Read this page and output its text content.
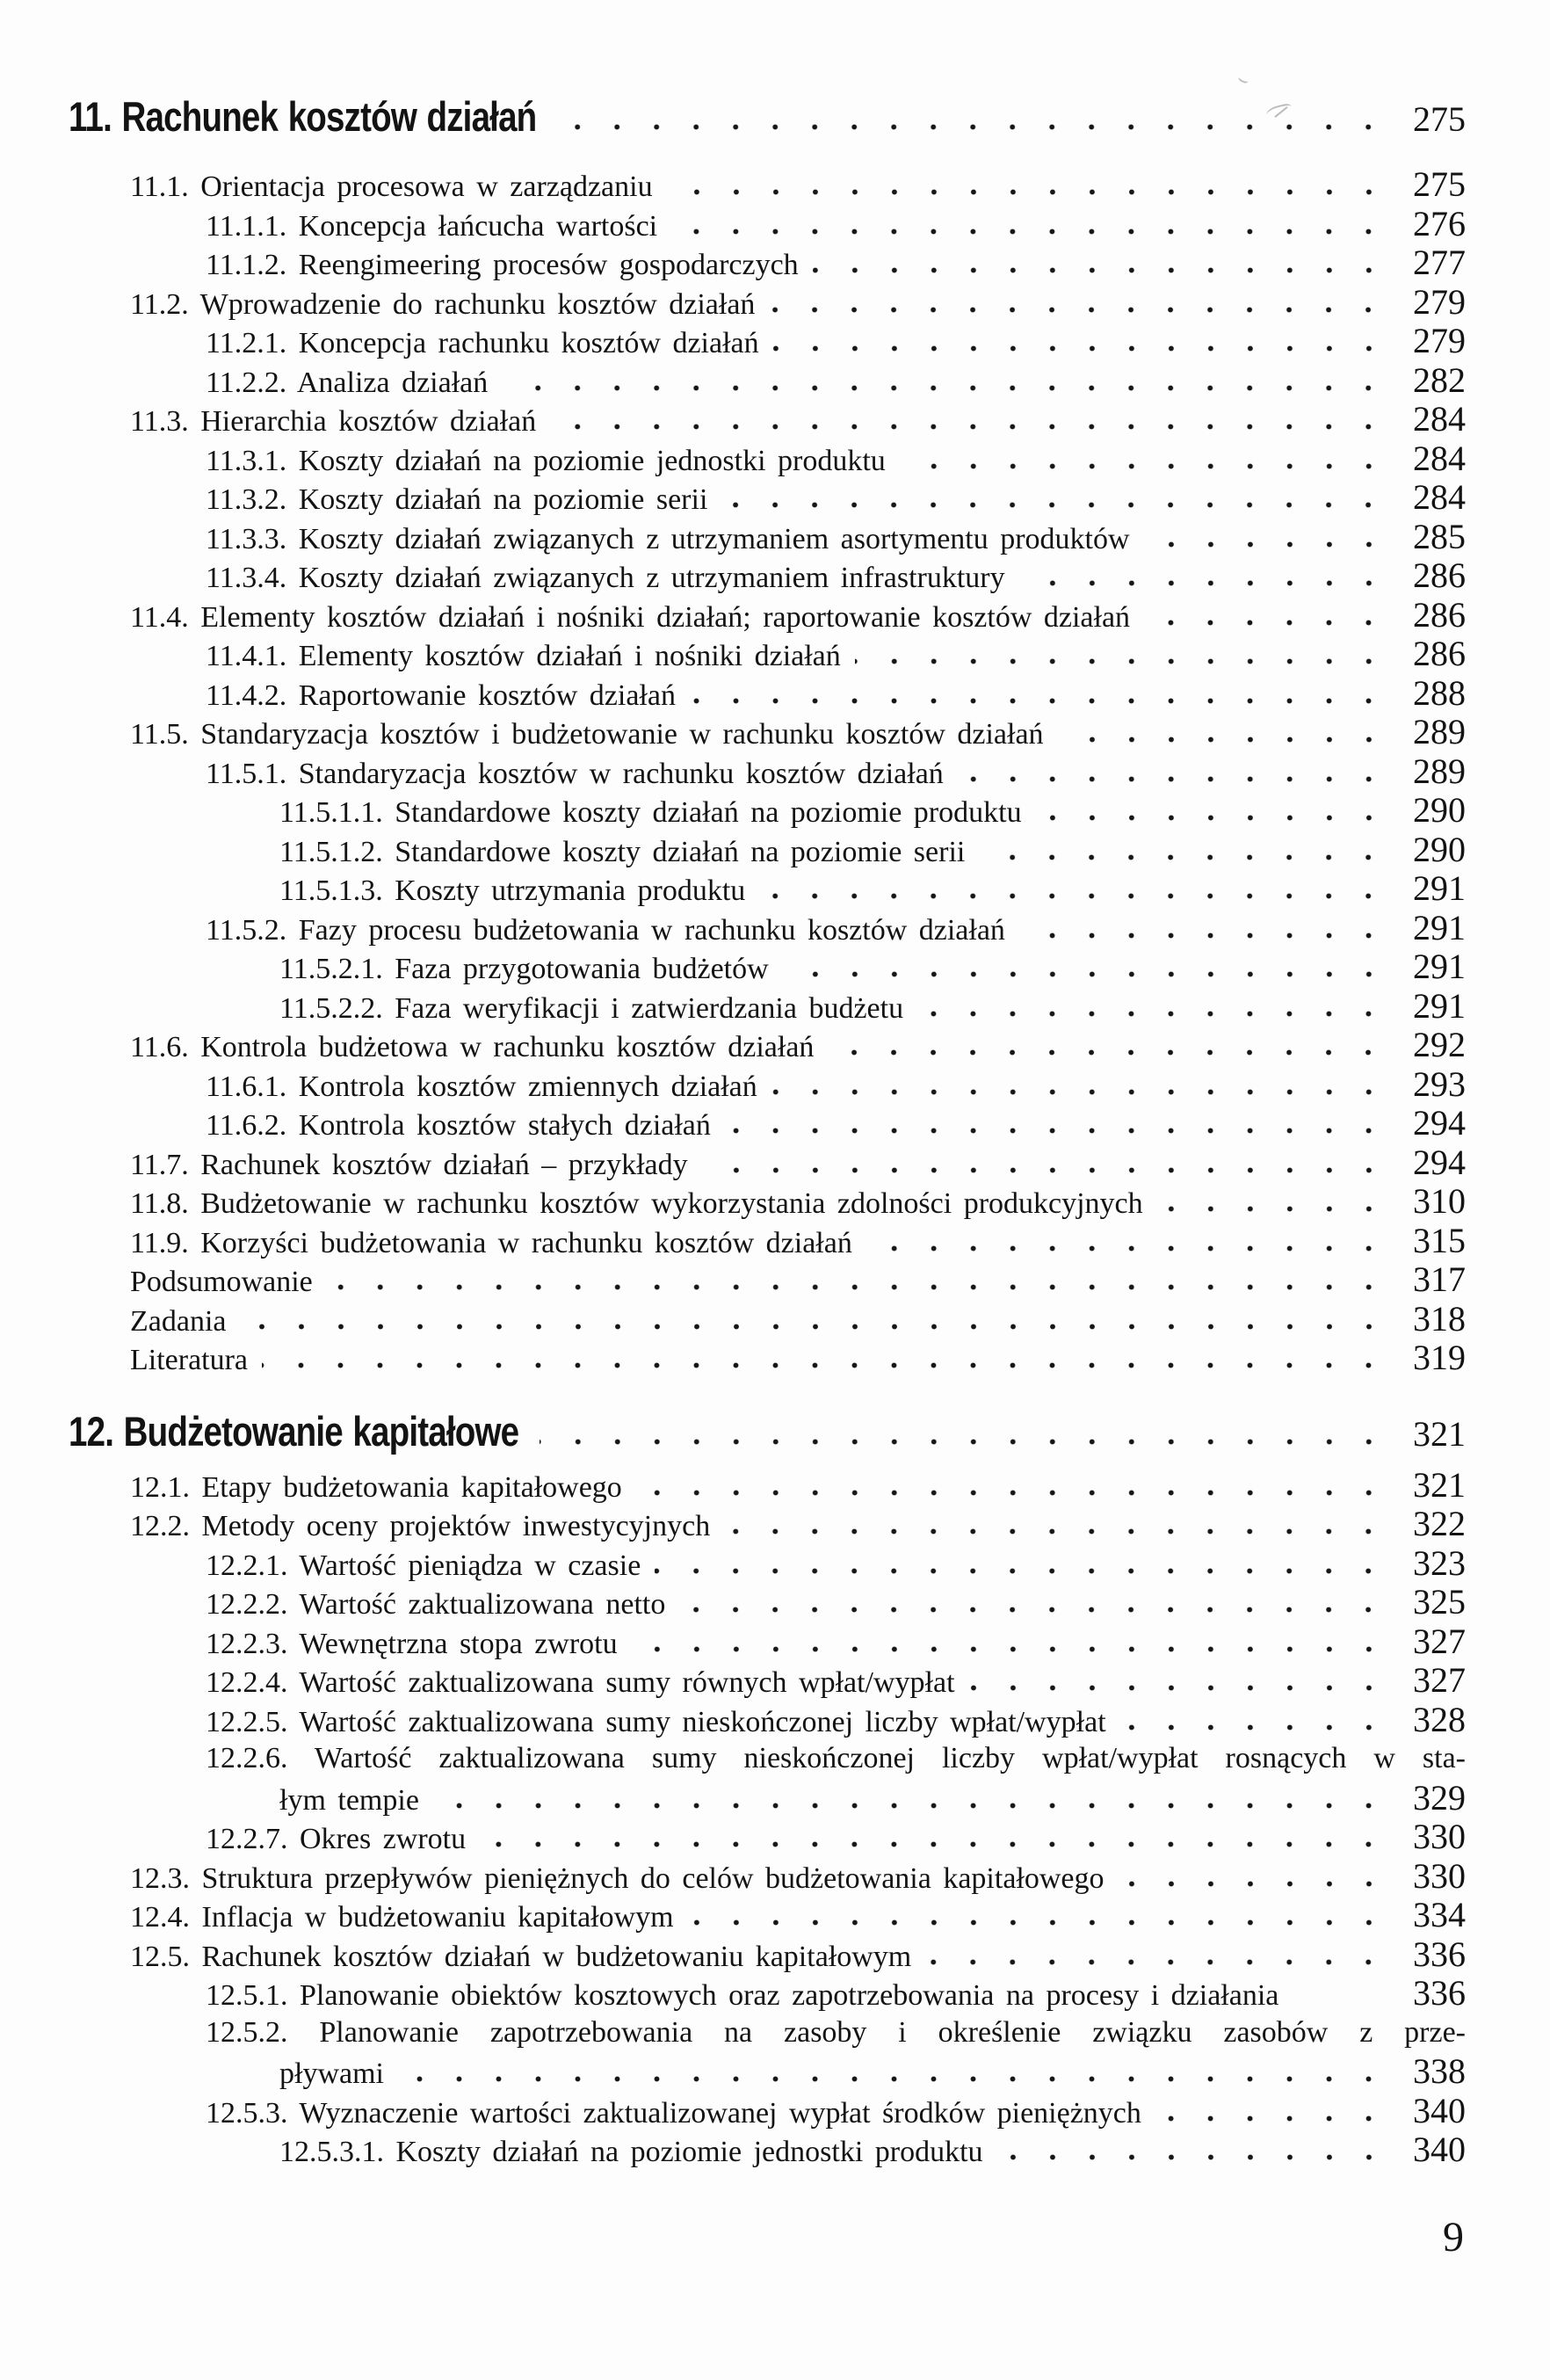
11. Rachunek kosztów działań	275
11.1. Orientacja procesowa w zarządzaniu	275
11.1.1. Koncepcja łańcucha wartości	276
11.1.2. Reengimeering procesów gospodarczych	277
11.2. Wprowadzenie do rachunku kosztów działań	279
11.2.1. Koncepcja rachunku kosztów działań	279
11.2.2. Analiza działań	282
11.3. Hierarchia kosztów działań	284
11.3.1. Koszty działań na poziomie jednostki produktu	284
11.3.2. Koszty działań na poziomie serii	284
11.3.3. Koszty działań związanych z utrzymaniem asortymentu produktów	285
11.3.4. Koszty działań związanych z utrzymaniem infrastruktury	286
11.4. Elementy kosztów działań i nośniki działań; raportowanie kosztów działań	286
11.4.1. Elementy kosztów działań i nośniki działań	286
11.4.2. Raportowanie kosztów działań	288
11.5. Standaryzacja kosztów i budżetowanie w rachunku kosztów działań	289
11.5.1. Standaryzacja kosztów w rachunku kosztów działań	289
11.5.1.1. Standardowe koszty działań na poziomie produktu	290
11.5.1.2. Standardowe koszty działań na poziomie serii	290
11.5.1.3. Koszty utrzymania produktu	291
11.5.2. Fazy procesu budżetowania w rachunku kosztów działań	291
11.5.2.1. Faza przygotowania budżetów	291
11.5.2.2. Faza weryfikacji i zatwierdzania budżetu	291
11.6. Kontrola budżetowa w rachunku kosztów działań	292
11.6.1. Kontrola kosztów zmiennych działań	293
11.6.2. Kontrola kosztów stałych działań	294
11.7. Rachunek kosztów działań – przykłady	294
11.8. Budżetowanie w rachunku kosztów wykorzystania zdolności produkcyjnych	310
11.9. Korzyści budżetowania w rachunku kosztów działań	315
Podsumowanie	317
Zadania	318
Literatura	319
12. Budżetowanie kapitałowe	321
12.1. Etapy budżetowania kapitałowego	321
12.2. Metody oceny projektów inwestycyjnych	322
12.2.1. Wartość pieniądza w czasie	323
12.2.2. Wartość zaktualizowana netto	325
12.2.3. Wewnętrzna stopa zwrotu	327
12.2.4. Wartość zaktualizowana sumy równych wpłat/wypłat	327
12.2.5. Wartość zaktualizowana sumy nieskończonej liczby wpłat/wypłat	328
12.2.6. Wartość zaktualizowana sumy nieskończonej liczby wpłat/wypłat rosnących w sta-
łym tempie	329
12.2.7. Okres zwrotu	330
12.3. Struktura przepływów pieniężnych do celów budżetowania kapitałowego	330
12.4. Inflacja w budżetowaniu kapitałowym	334
12.5. Rachunek kosztów działań w budżetowaniu kapitałowym	336
12.5.1. Planowanie obiektów kosztowych oraz zapotrzebowania na procesy i działania	336
12.5.2. Planowanie zapotrzebowania na zasoby i określenie związku zasobów z prze-
pływami	338
12.5.3. Wyznaczenie wartości zaktualizowanej wypłat środków pieniężnych	340
12.5.3.1. Koszty działań na poziomie jednostki produktu	340
9
